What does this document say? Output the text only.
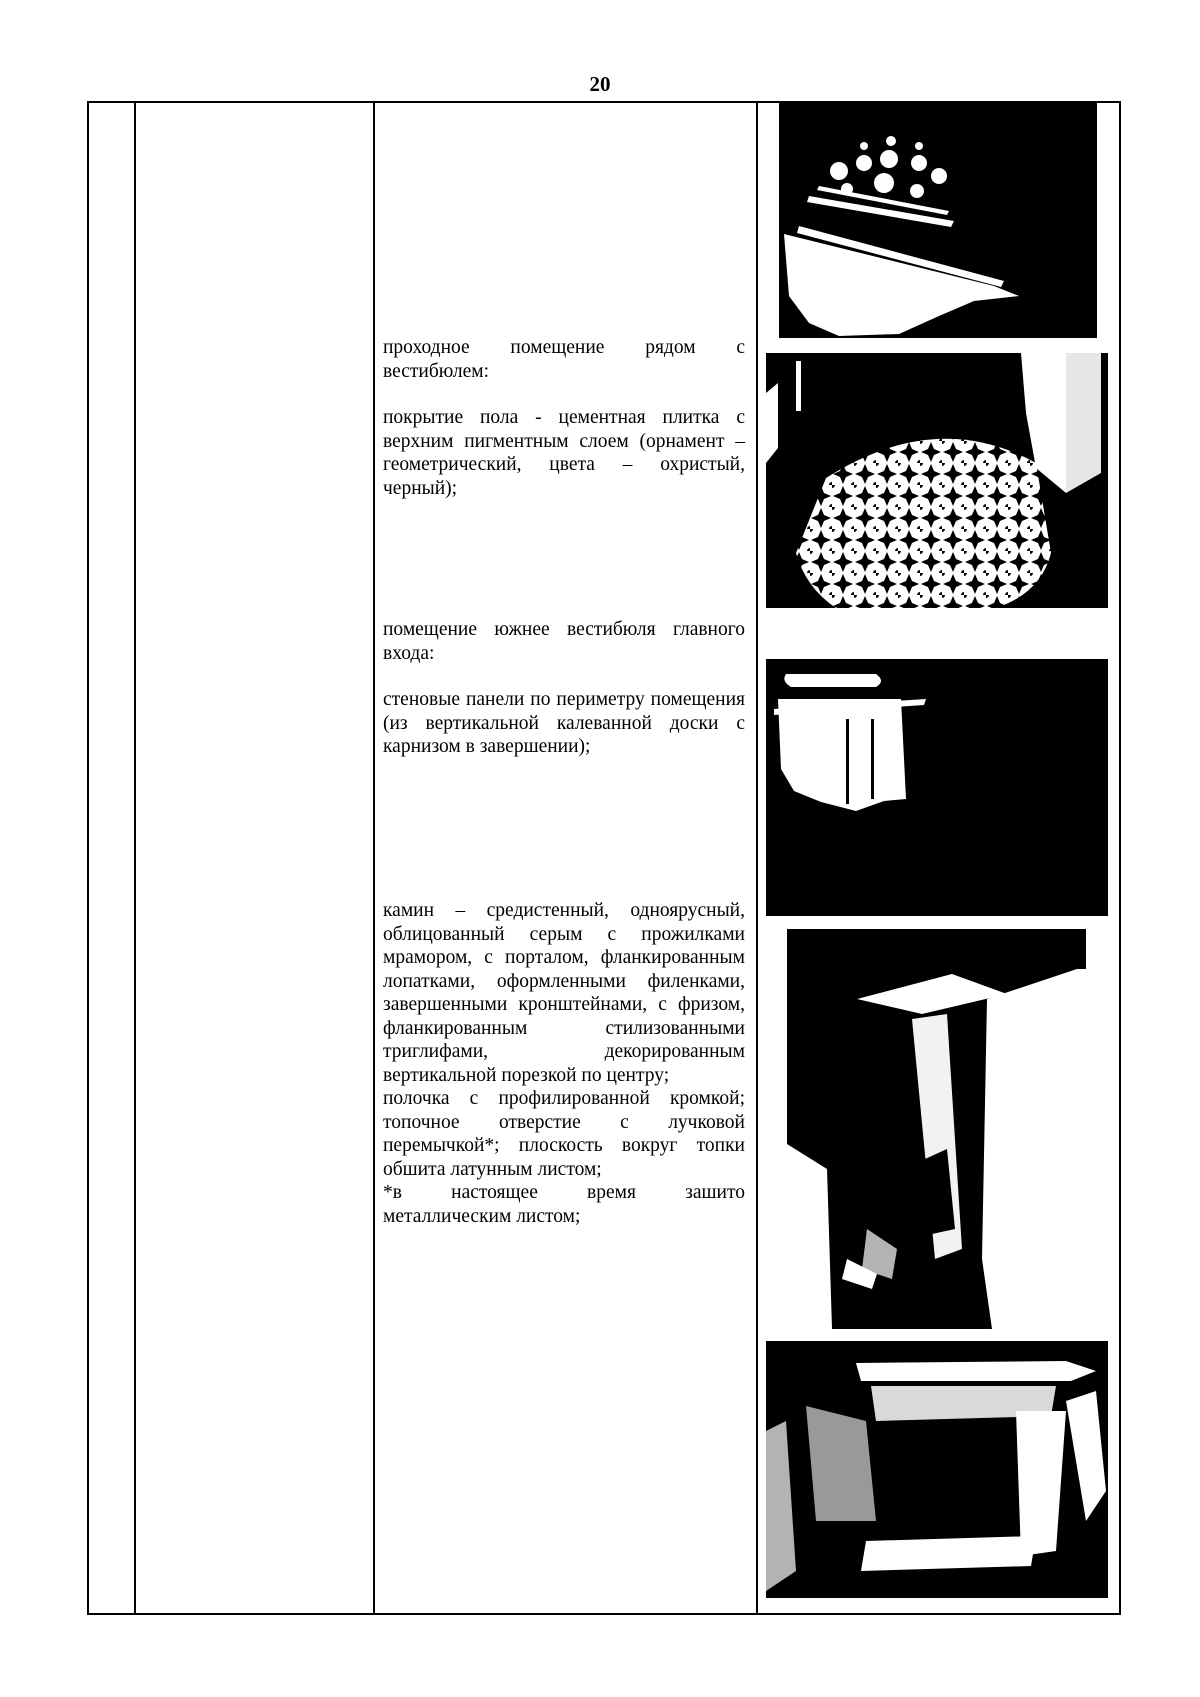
20

проходное помещение рядом с вестибюлем:

покрытие пола - цементная плитка с верхним пигментным слоем (орнамент – геометрический, цвета – охристый, черный);

помещение южнее вестибюля главного входа:

стеновые панели по периметру помещения (из вертикальной калеванной доски с карнизом в завершении);

камин – средистенный, одноярусный, облицованный серым с прожилками мрамором, с порталом, фланкированным лопатками, оформленными филенками, завершенными кронштейнами, с фризом, фланкированным стилизованными триглифами, декорированным вертикальной порезкой по центру;

полочка с профилированной кромкой; топочное отверстие с лучковой перемычкой*; плоскость вокруг топки обшита латунным листом;

*в настоящее время зашито металлическим листом;
